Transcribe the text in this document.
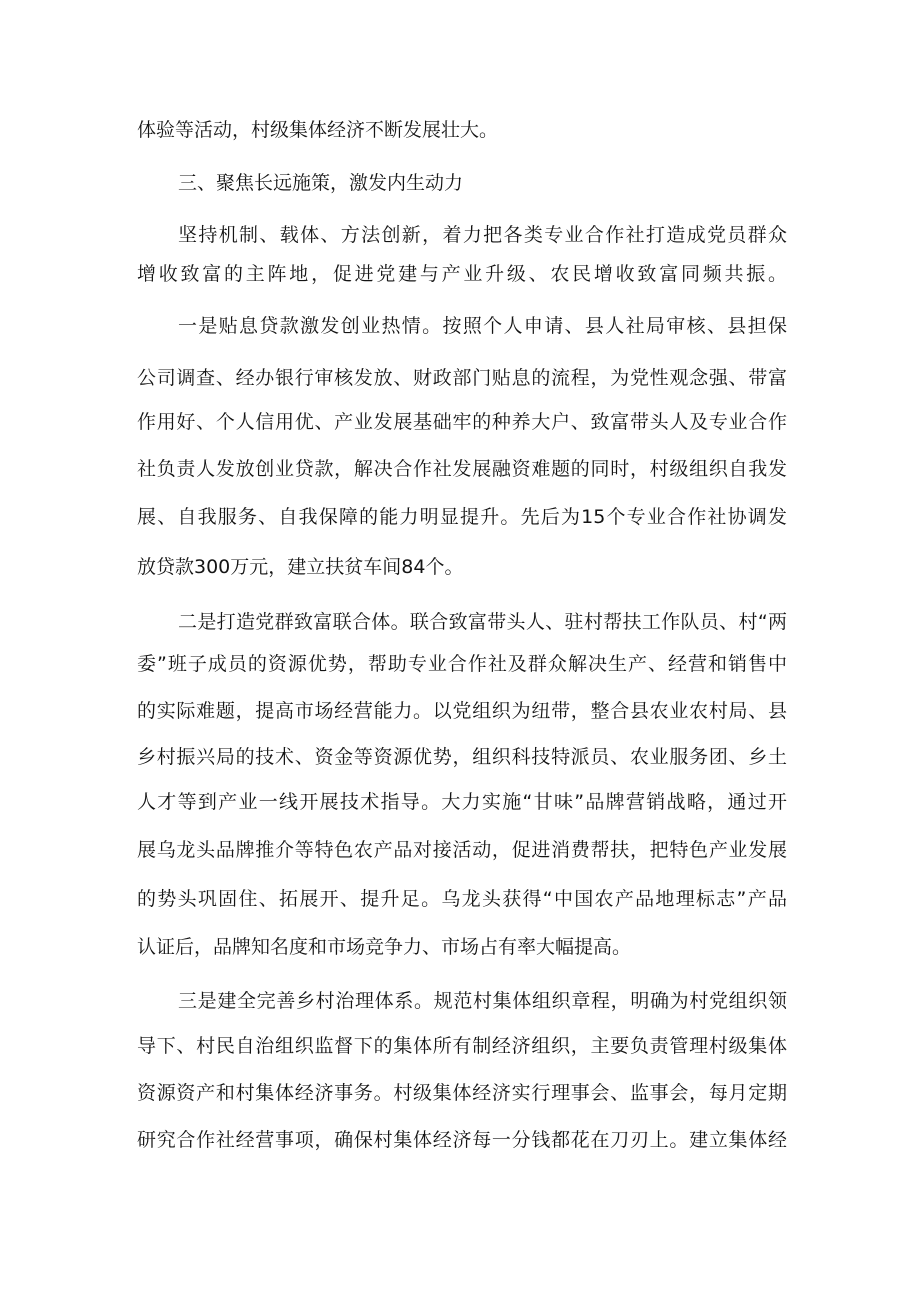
体验等活动，村级集体经济不断发展壮大。
三、聚焦长远施策，激发内生动力
坚持机制、载体、方法创新，着力把各类专业合作社打造成党员群众
增收致富的主阵地，促进党建与产业升级、农民增收致富同频共振。
一是贴息贷款激发创业热情。按照个人申请、县人社局审核、县担保
公司调查、经办银行审核发放、财政部门贴息的流程，为党性观念强、带富
作用好、个人信用优、产业发展基础牢的种养大户、致富带头人及专业合作
社负责人发放创业贷款，解决合作社发展融资难题的同时，村级组织自我发
展、自我服务、自我保障的能力明显提升。先后为15个专业合作社协调发
放贷款300万元，建立扶贫车间84个。
二是打造党群致富联合体。联合致富带头人、驻村帮扶工作队员、村“两
委”班子成员的资源优势，帮助专业合作社及群众解决生产、经营和销售中
的实际难题，提高市场经营能力。以党组织为纽带，整合县农业农村局、县
乡村振兴局的技术、资金等资源优势，组织科技特派员、农业服务团、乡土
人才等到产业一线开展技术指导。大力实施“甘味”品牌营销战略，通过开
展乌龙头品牌推介等特色农产品对接活动，促进消费帮扶，把特色产业发展
的势头巩固住、拓展开、提升足。乌龙头获得“中国农产品地理标志”产品
认证后，品牌知名度和市场竞争力、市场占有率大幅提高。
三是建全完善乡村治理体系。规范村集体组织章程，明确为村党组织领
导下、村民自治组织监督下的集体所有制经济组织，主要负责管理村级集体
资源资产和村集体经济事务。村级集体经济实行理事会、监事会，每月定期
研究合作社经营事项，确保村集体经济每一分钱都花在刀刃上。建立集体经
